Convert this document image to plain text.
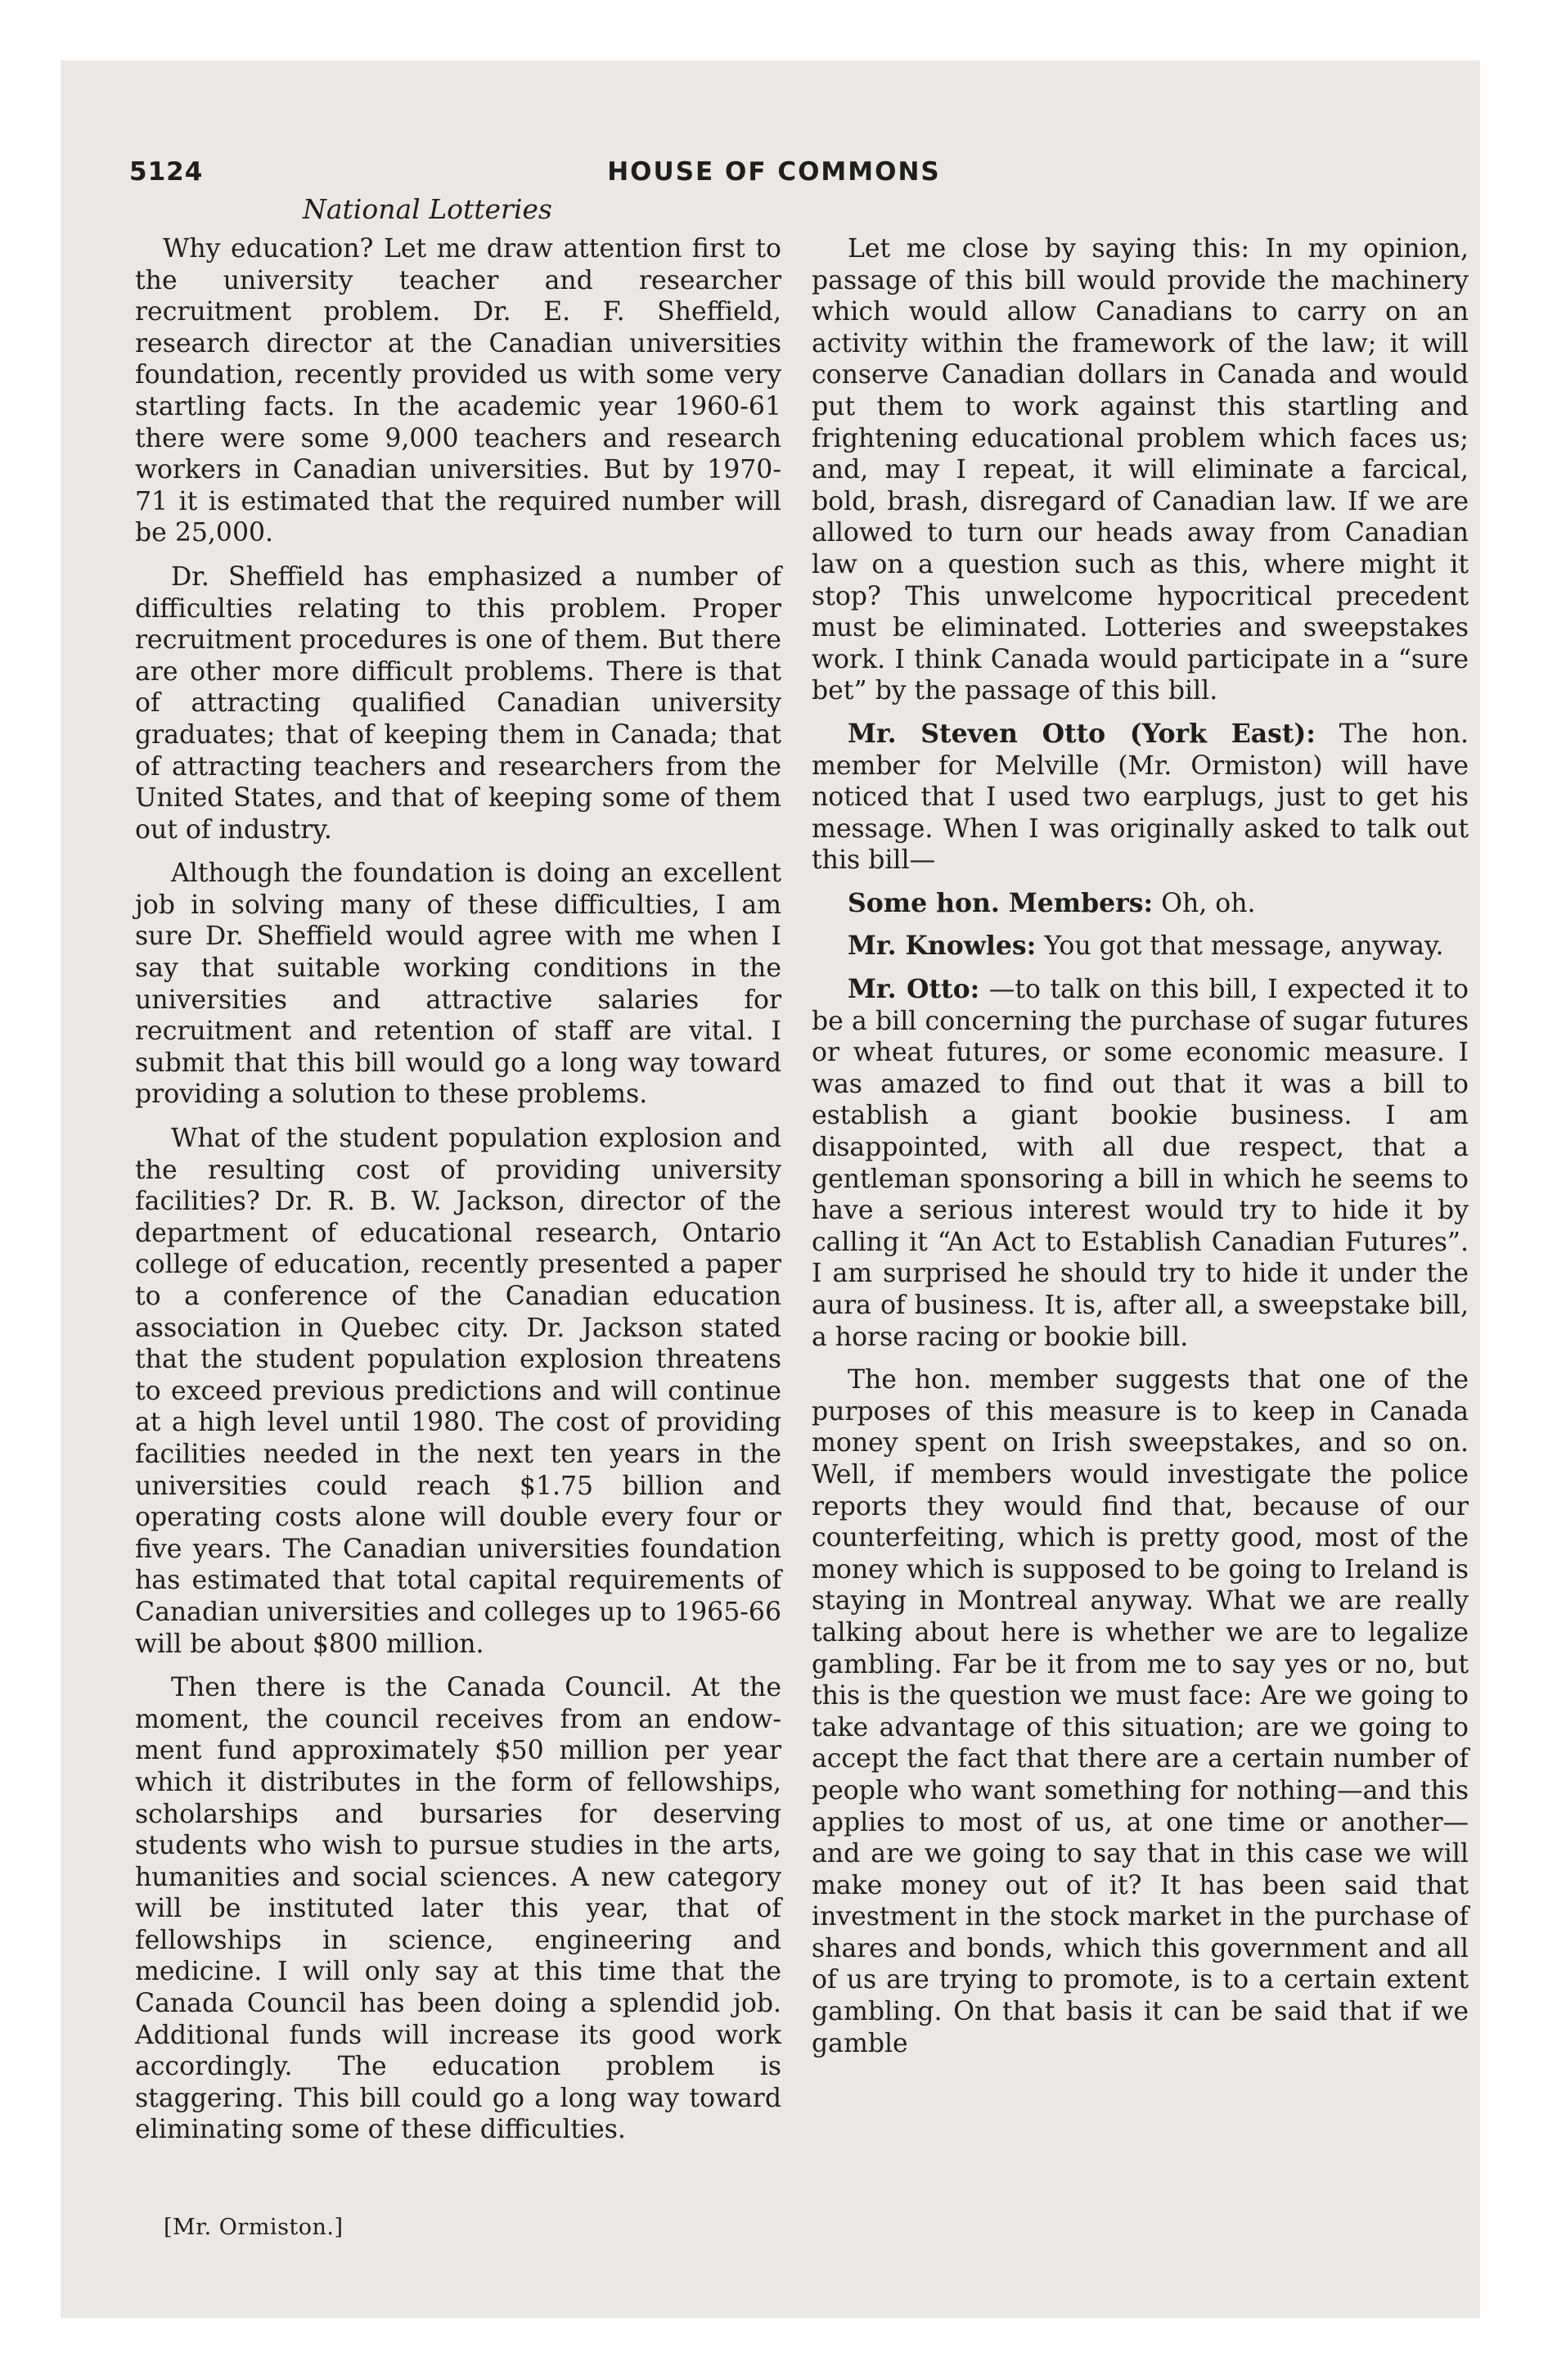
5124	HOUSE OF COMMONS
National Lotteries

Why education? Let me draw attention first to the university teacher and researcher recruitment problem. Dr. E. F. Sheffield, research director at the Canadian universities foundation, recently provided us with some very startling facts. In the academic year 1960-61 there were some 9,000 teachers and research workers in Canadian universities. But by 1970-71 it is estimated that the required number will be 25,000.

Dr. Sheffield has emphasized a number of difficulties relating to this problem. Proper recruitment procedures is one of them. But there are other more difficult problems. There is that of attracting qualified Canadian university graduates; that of keeping them in Canada; that of attracting teachers and researchers from the United States, and that of keeping some of them out of industry.

Although the foundation is doing an excellent job in solving many of these difficulties, I am sure Dr. Sheffield would agree with me when I say that suitable working conditions in the universities and attractive salaries for recruitment and retention of staff are vital. I submit that this bill would go a long way toward providing a solution to these problems.

What of the student population explosion and the resulting cost of providing university facilities? Dr. R. B. W. Jackson, director of the department of educational research, Ontario college of education, recently presented a paper to a conference of the Canadian education association in Quebec city. Dr. Jackson stated that the student population explosion threatens to exceed previous predictions and will continue at a high level until 1980. The cost of providing facilities needed in the next ten years in the universities could reach $1.75 billion and operating costs alone will double every four or five years. The Canadian universities foundation has estimated that total capital requirements of Canadian universities and colleges up to 1965-66 will be about $800 million.

Then there is the Canada Council. At the moment, the council receives from an endowment fund approximately $50 million per year which it distributes in the form of fellowships, scholarships and bursaries for deserving students who wish to pursue studies in the arts, humanities and social sciences. A new category will be instituted later this year, that of fellowships in science, engineering and medicine. I will only say at this time that the Canada Council has been doing a splendid job. Additional funds will increase its good work accordingly. The education problem is staggering. This bill could go a long way toward eliminating some of these difficulties.

Let me close by saying this: In my opinion, passage of this bill would provide the machinery which would allow Canadians to carry on an activity within the framework of the law; it will conserve Canadian dollars in Canada and would put them to work against this startling and frightening educational problem which faces us; and, may I repeat, it will eliminate a farcical, bold, brash, disregard of Canadian law. If we are allowed to turn our heads away from Canadian law on a question such as this, where might it stop? This unwelcome hypocritical precedent must be eliminated. Lotteries and sweepstakes work. I think Canada would participate in a “sure bet” by the passage of this bill.

Mr. Steven Otto (York East): The hon. member for Melville (Mr. Ormiston) will have noticed that I used two earplugs, just to get his message. When I was originally asked to talk out this bill—

Some hon. Members: Oh, oh.

Mr. Knowles: You got that message, anyway.

Mr. Otto: —to talk on this bill, I expected it to be a bill concerning the purchase of sugar futures or wheat futures, or some economic measure. I was amazed to find out that it was a bill to establish a giant bookie business. I am disappointed, with all due respect, that a gentleman sponsoring a bill in which he seems to have a serious interest would try to hide it by calling it “An Act to Establish Canadian Futures”. I am surprised he should try to hide it under the aura of business. It is, after all, a sweepstake bill, a horse racing or bookie bill.

The hon. member suggests that one of the purposes of this measure is to keep in Canada money spent on Irish sweepstakes, and so on. Well, if members would investigate the police reports they would find that, because of our counterfeiting, which is pretty good, most of the money which is supposed to be going to Ireland is staying in Montreal anyway. What we are really talking about here is whether we are to legalize gambling. Far be it from me to say yes or no, but this is the question we must face: Are we going to take advantage of this situation; are we going to accept the fact that there are a certain number of people who want something for nothing—and this applies to most of us, at one time or another— and are we going to say that in this case we will make money out of it? It has been said that investment in the stock market in the purchase of shares and bonds, which this government and all of us are trying to promote, is to a certain extent gambling. On that basis it can be said that if we gamble

[Mr. Ormiston.]
